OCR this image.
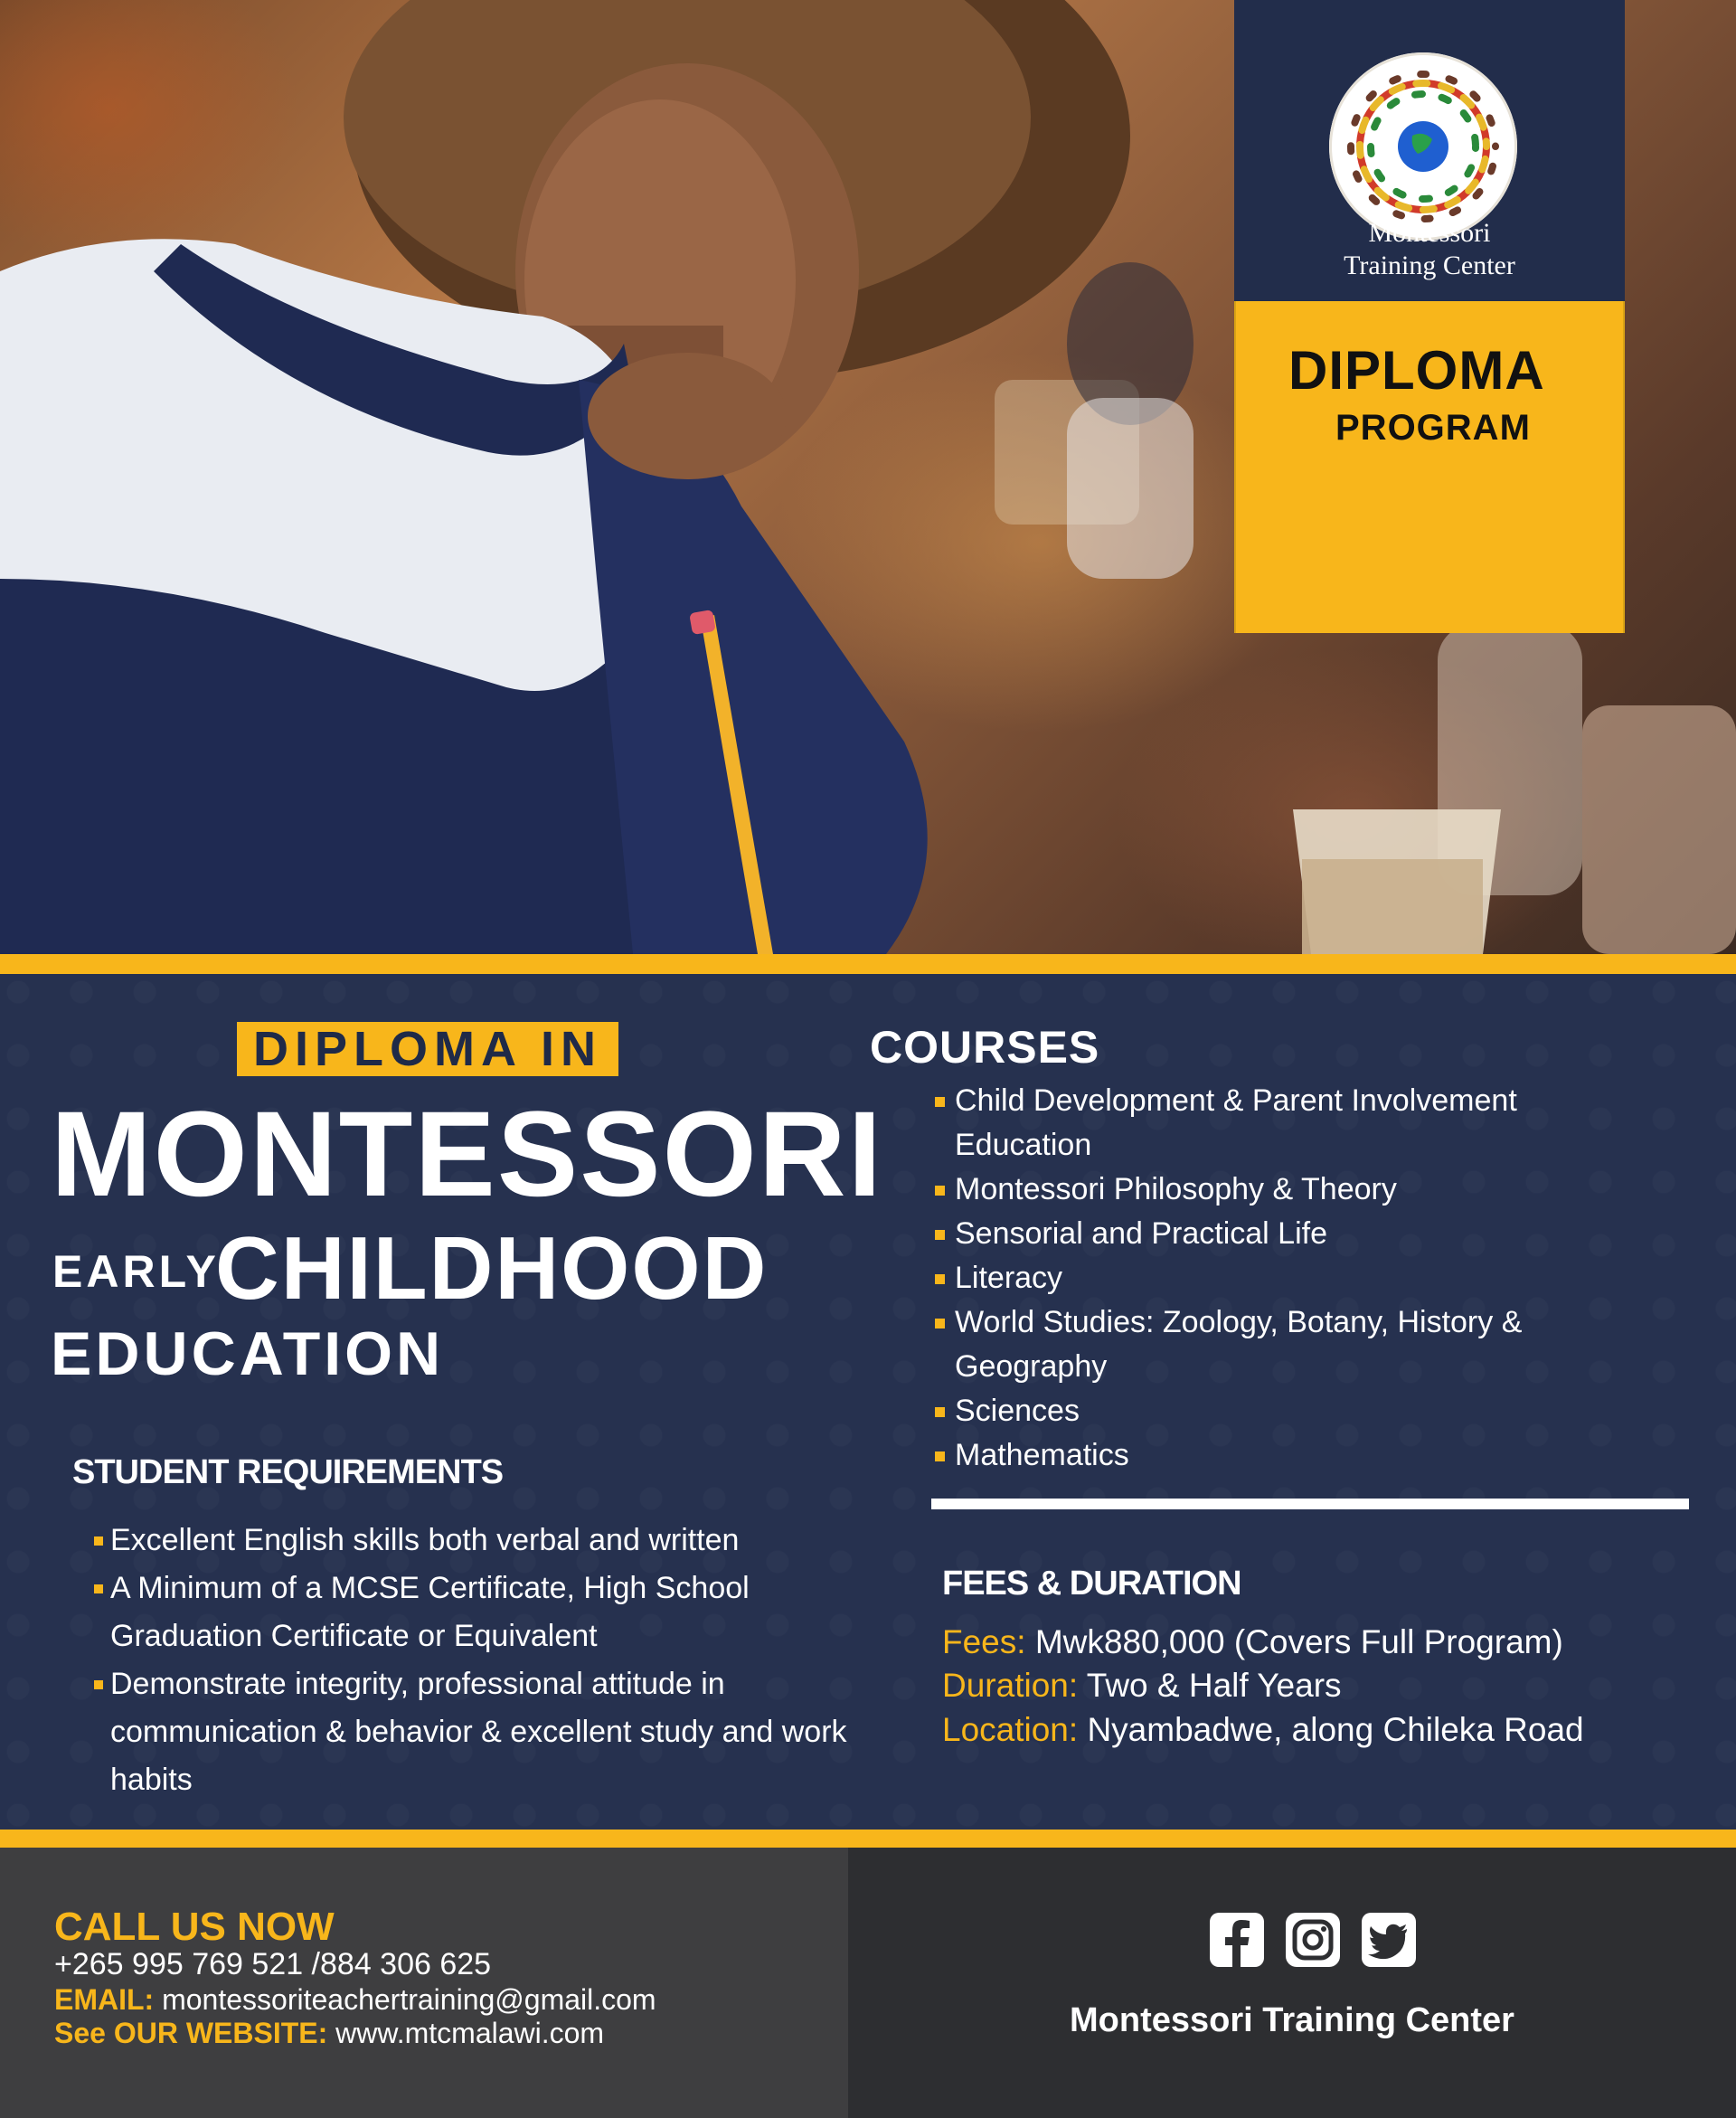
Montessori
Training Center
DIPLOMA
PROGRAM
DIPLOMA IN
MONTESSORI
EARLY
CHILDHOOD
EDUCATION
STUDENT REQUIREMENTS
Excellent English skills both verbal and written
A Minimum of a MCSE Certificate, High School Graduation Certificate or Equivalent
Demonstrate integrity, professional attitude in communication & behavior & excellent study and work habits
COURSES
Child Development & Parent Involvement Education
Montessori Philosophy & Theory
Sensorial and Practical Life
Literacy
World Studies: Zoology, Botany, History & Geography
Sciences
Mathematics
FEES & DURATION
Fees: Mwk880,000 (Covers Full Program)
Duration: Two & Half Years
Location: Nyambadwe, along Chileka Road
CALL US NOW
+265 995 769 521 /884 306 625
EMAIL: montessoriteachertraining@gmail.com
See OUR WEBSITE: www.mtcmalawi.com	Montessori Training Center
